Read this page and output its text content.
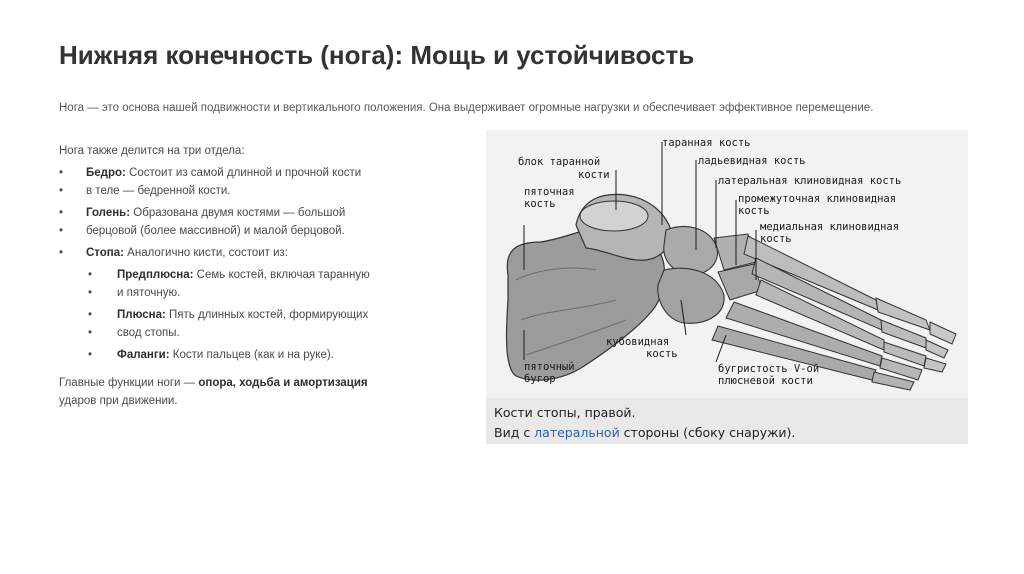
Нижняя конечность (нога): Мощь и устойчивость
Нога — это основа нашей подвижности и вертикального положения. Она выдерживает огромные нагрузки и обеспечивает эффективное перемещение.
Нога также делится на три отдела:
• Бедро: Состоит из самой длинной и прочной кости
• в теле — бедренной кости.
• Голень: Образована двумя костями — большой
• берцовой (более массивной) и малой берцовой.
• Стопа: Аналогично кисти, состоит из:
• Предплюсна: Семь костей, включая таранную
• и пяточную.
• Плюсна: Пять длинных костей, формирующих
• свод стопы.
• Фаланги: Кости пальцев (как и на руке).
Главные функции ноги — опора, ходьба и амортизация
ударов при движении.
таранная кость
блок таранной
кости
ладьевидная кость
латеральная клиновидная кость
промежуточная клиновидная
кость
медиальная клиновидная
кость
пяточная
кость
кубовидная
кость
пяточный
бугор
бугристость V-ой
плюсневой кости
Кости стопы, правой.
Вид с латеральной стороны (сбоку снаружи).
